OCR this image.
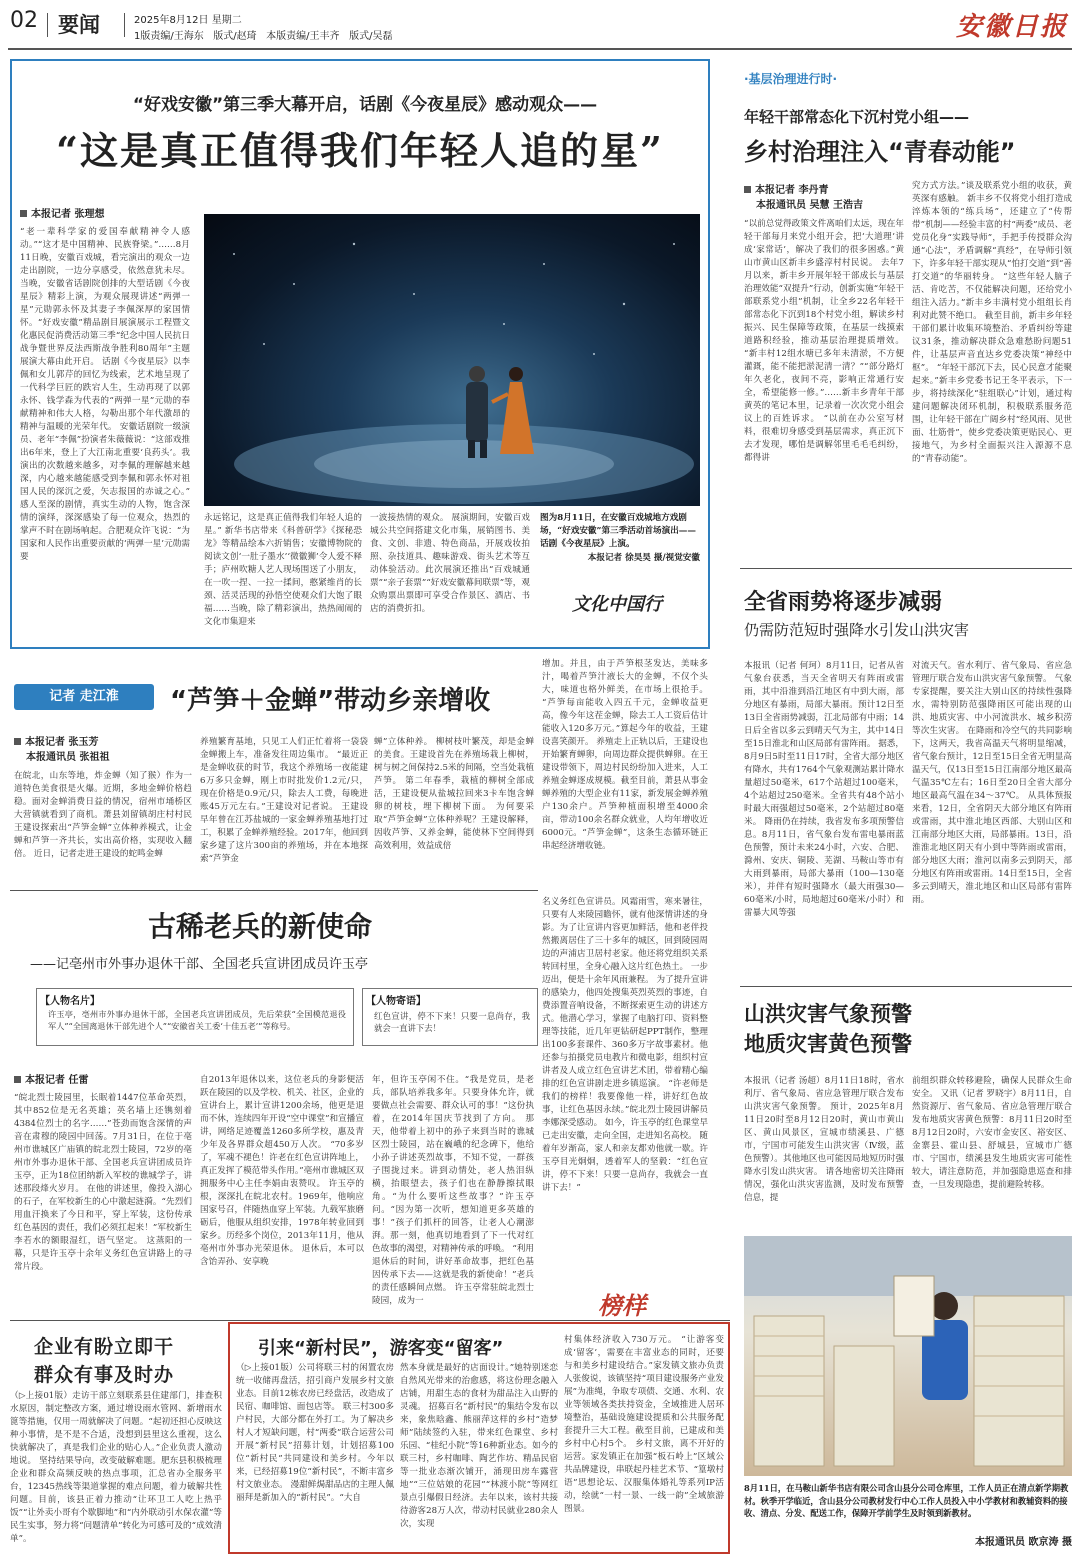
02 要闻	2025年8月12日 星期二
1版责编/王海东   版式/赵琦   本版责编/王丰齐   版式/吴磊	安徽日报
“好戏安徽”第三季大幕开启，话剧《今夜星辰》感动观众——
“这是真正值得我们年轻人追的星”
本报记者 张理想
“老一辈科学家的爱国奉献精神令人感动。”“这才是中国精神、民族脊梁。”……8月11日晚，安徽百戏城，看完演出的观众一边走出剧院，一边分享感受，依然意犹未尽。 当晚，安徽省话剧院创排的大型话剧《今夜星辰》精彩上演，为观众展现讲述“两弹一星”元勋郭永怀及其妻子李佩深厚的家国情怀。“好戏安徽”精品剧目展演展示工程暨文化惠民促消费活动第三季“纪念中国人民抗日战争暨世界反法西斯战争胜利80周年”主题展演大幕由此开启。 话剧《今夜星辰》以李佩和女儿郭芹的回忆为线索，艺术地呈现了一代科学巨匠的跌宕人生，生动再现了以郭永怀、钱学森为代表的“两弹一星”元勋的奉献精神和伟大人格，勾勒出那个年代激昂的精神与温暖的光荣年代。 安徽话剧院一级演员、老年“李佩”扮演者朱薇薇说：“这部戏推出6年来，登上了大江南北重要‘良药头’。我演出的次数越来越多，对李佩的理解越来越深，内心越来越能感受到李佩和郭永怀对祖国人民的深沉之爱，矢志报国的赤诚之心。” 感人至深的剧情，真实生动的人物，饱含深情的演绎，深深感染了每一位观众，热烈的掌声不时在剧场响起。合肥观众许飞说：“为国家和人民作出重要贡献的‘两弹一星’元勋需要
图为8月11日，在安徽百戏城地方戏剧场，“好戏安徽”第三季活动首场演出——话剧《今夜星辰》上演。
本报记者 徐昊昊 摄/视觉安徽
永远铭记，这是真正值得我们年轻人追的星。” 新华书店带来《科普研学》《探秘恐龙》等精品绘本六折销售；安徽博物院的阅读文创‘一肚子墨水’‘微徽狮’令人爱不释手；庐州吹糖人艺人现场围送了小朋友，在一吹一捏、一拉一揉间，憨紧维肖的长颈、活灵活现的孙悟空使观众们大饱了眼福……当晚，除了精彩演出，热热闹闹的文化市集迎来
一波接热情的观众。 展演期间，安徽百戏城公共空间搭建文化市集，展销图书、美食、文创、非遗、特色商品，开展戏妆拍照、杂技道具、趣味游戏、街头艺术等互动体验活动。此次展演还推出“百戏城通票”“亲子套票”“好戏安徽幕间联票”等，观众购票出票即可享受合作景区、酒店、书店的消费折扣。	文化中国行
·基层治理进行时·
年轻干部常态化下沉村党小组——
乡村治理注入“青春动能”
本报记者 李丹青
本报通讯员 吴慧 王浩吉
“以前总觉得政策文件离咱们太远，现在年轻干部每月来党小组开会，把‘大道理’讲成‘家常话’，解决了我们的很多困惑。”黄山市黄山区新丰乡盛淳村村民说。 去年7月以来，新丰乡开展年轻干部成长与基层治理效能“双提升”行动，创新实施“年轻干部联系党小组”机制，让全乡22名年轻干部常态化下沉到18个村党小组，解读乡村振兴、民生保障等政策，在基层一线摸索道路积经验，推动基层治理提质增效。 “新丰村12组水塘已多年未清淤，不方便灌溉，能不能把淤泥清一清？”“部分路灯年久老化，夜间不亮，影响正常通行安全，希望能修一修。”……新丰乡青年干部黄英的笔记本里，记录着一次次党小组会议上的百姓诉求。 “以前在办公室写材料，很难切身感受到基层需求，真正沉下去才发现，哪怕是调解邻里毛毛毛纠纷，都得讲
究方式方法。”谈及联系党小组的收获，黄英深有感触。 新丰乡不仅将党小组打造成淬炼本领的“练兵场”，还建立了“传帮带”机制——经验丰富的村“两委”成员、老党员化身“实践导师”，手把手传授群众沟通“心法”，矛盾调解“真经”，在导师引领下，许多年轻干部实现从“怕打交道”到“善打交道”的华丽转身。 “这些年轻人脑子活、肯吃苦，不仅能解决问题，还给党小组注入活力。”新丰乡丰满村党小组组长肖利对此赞不绝口。 截至目前，新丰乡年轻干部们累计收集环境整治、矛盾纠纷等建议31条，推动解决群众急难愁盼问题51件，让基层声音直达乡党委决策“神经中枢”。 “年轻干部沉下去，民心民意才能聚起来。”新丰乡党委书记王冬平表示，下一步，将持续深化“驻组联心”计划，通过构建问题解决闭环机制，积极联系服务范围，让年轻干部在广阔乡村“经风雨、见世面、壮筋骨”，使乡党委决策更贴民心、更接地气，为乡村全面振兴注入源源不息的“青春动能”。
全省雨势将逐步减弱
仍需防范短时强降水引发山洪灾害
本报讯（记者 何珂）8月11日，记者从省气象台获悉，当天全省明天有阵雨或雷雨，其中沿淮到沿江地区有中到大雨，部分地区有暴雨，局部大暴雨。预计12日至13日全省雨势减弱，江北局部有中雨；14日后全省以多云到晴天气为主，其中14日至15日淮北和山区局部有雷阵雨。 据悉，8月9日5时至11日17时，全省大部分地区有降水，共有1764个气象观测站累计降水量超过50毫米，617个站超过100毫米，4个站超过250毫米。全省共有48个站小时最大雨强超过50毫米，2个站超过80毫米。 降雨仍在持续，我省发布多项预警信息。8月11日，省气象台发布雷电暴雨蓝色预警，预计未来24小时，六安、合肥、滁州、安庆、铜陵、芜湖、马鞍山等市有大雨到暴雨，局部大暴雨（100—130毫米），并伴有短时强降水（最大雨强30—60毫米/小时，局地超过60毫米/小时）和雷暴大风等强
对流天气。省水利厅、省气象局、省应急管理厅联合发布山洪灾害气象预警。 气象专家提醒，要关注大别山区的持续性强降水，需特别防范强降雨区可能出现的山洪、地质灾害、中小河流洪水、城乡积涝等次生灾害。 在降雨和冷空气的共同影响下，这两天，我省高温天气将明显缩减，省气象台预计，12日至15日全省无明显高温天气，仅13日至15日江南部分地区最高气温35℃左右；16日至20日全省大部分地区最高气温在34～37℃。 从具体预报来看，12日，全省阴天大部分地区有阵雨或雷雨，其中淮北地区西部、大别山区和江南部分地区大雨，局部暴雨。13日，沿淮淮北地区阴天有小到中等阵雨或雷雨，部分地区大雨；淮河以南多云到阴天，部分地区有阵雨或雷雨。14日至15日，全省多云到晴天，淮北地区和山区局部有雷阵雨。
山洪灾害气象预警
地质灾害黄色预警
本报讯（记者 汤超）8月11日18时，省水利厅、省气象局、省应急管理厅联合发布山洪灾害气象预警。 预计，2025年8月11日20时至8月12日20时，黄山市黄山区、黄山风景区，宣城市绩溪县、广德市，宁国市可能发生山洪灾害（Ⅳ级，蓝色预警）。其他地区也可能因局地短历时强降水引发山洪灾害。 请各地密切关注降雨情况，强化山洪灾害监测，及时发布预警信息，提
前组织群众转移避险，确保人民群众生命安全。 又讯（记者 罗晓宇）8月11日，自然资源厅、省气象局、省应急管理厅联合发布地质灾害黄色预警：8月11日20时至8月12日20时，六安市金安区、裕安区、金寨县、霍山县、舒城县，宣城市广德市、宁国市，绩溪县发生地质灾害可能性较大，请注意防范，并加强隐患巡查和排查，一旦发现隐患，提前避险转移。
8月11日，在马鞍山新华书店有限公司含山县分公司仓库里，工作人员正在清点新学期教材。秋季开学临近，含山县分公司教材发行中心工作人员投入中小学教材和教辅资料的接收、清点、分发、配送工作，保障开学前学生及时领到新教材。
本报通讯员 欧京涛 摄
记者 走江淮	“芦笋＋金蝉”带动乡亲增收
本报记者 张玉芳
本报通讯员 张祖祖
在皖北，山东等地，炸金蝉（知了猴）作为一道特色美食很是火爆。近期，多地金蝉价格趋稳。面对金蝉消费日益的情况，宿州市埇桥区大营镇就看到了商机。萧县刘留镇胡庄村村民王建设探索出“芦笋金蝉”立体种养模式，让金蝉和芦笋一齐共长，实出高价格，实现收入翻倍。 近日，记者走进王建设的蛇鸣金蝉
养殖繁育基地，只见工人们正忙着将一袋袋金蝉搬上车，准备发往周边集市。 “最近正是金蝉收获的时节，我这个养殖场一夜能建6万多只金蝉，刚上市时批发价1.2元/只，现在价格是0.9元/只，除去人工费，每晚进账45万元左右。”王建设对记者说。 王建设早年曾在江苏盐城的一家金蝉养殖基地打过工，积累了金蝉养殖经验。2017年，他回到家乡建了这片300亩的养殖场，并在本地探索“芦笋金
蝉”立体种养。 柳树枝叶繁茂，却是金蝉的美食。王建设首先在养殖场栽上柳树，树与树之间保持2.5米的间隔，空当处栽植芦笋。 第二年春季，栽植的柳树全部成活，王建设便从盐城拉回来3卡车饱含蝉卵的树枝，埋下柳树下面。 为何要采取“芦笋金蝉”立体种养呢？王建设解释，因收芦笋、又养金蝉，能使林下空间得到高效利用，效益成倍
增加。并且，由于芦笋根茎发达，美味多汁，喝着芦笋汁液长大的金蝉，不仅个头大，味道也格外鲜美，在市场上很抢手。 “芦笋每亩能收入四五千元，金蝉收益更高，像今年这茬金蝉，除去工人工资后估计能收入120多万元。”算起今年的收益，王建设喜笑颜开。 养殖走上正轨以后，王建设也开始繁育蝉卵，向周边群众提供蝉卵。在王建设带领下，周边村民纷纷加入进来，人工养殖金蝉逐成规模。截至目前，萧县从事金蝉养殖的大型企业有11家，新发展金蝉养殖户130余户。芦笋种植面积增至4000余亩，带动100余名群众就业，人均年增收近6000元。“芦笋金蝉”，这条生态循环链正串起经济增收链。
古稀老兵的新使命
——记亳州市外事办退休干部、全国老兵宣讲团成员许玉亭
【人物名片】
许玉亭，亳州市外事办退休干部，全国老兵宣讲团成员，先后荣获“全国模范退役军人”“全国离退休干部先进个人”“安徽省关工委‘十佳五老’”等称号。
【人物寄语】
红色宣讲，停不下来！只要一息尚存，我就会一直讲下去！
本报记者 任雷
“皖北烈士陵园里，长眠着1447位革命英烈，其中852位是无名英雄；英名墙上还镌刻着4384位烈士的名字……”苍劲而饱含深情的声音在肃穆的陵园中回荡。7月31日，在位于亳州市谯城区广庙镇的皖北烈士陵园，72岁的亳州市外事办退休干部、全国老兵宣讲团成员许玉亭，正为18位团纳新入军校的谯城学子，讲述那段烽火岁月。 在他的讲述里，像投入湖心的石子，在军校新生的心中激起涟漪。“先烈们用血汗换来了今日和平，穿上军装，这份传承红色基因的责任，我们必须扛起来！”军校新生李若水的额眼湿红，语气坚定。 这蒸阳的一幕，只是许玉亭十余年义务红色宣讲路上的寻常片段。
自2013年退休以来，这位老兵的身影便活跃在陵园的以及学校、机关、社区，企业的宣讲台上，累计宣讲1200余场，他更是退而不休，连续四年开设“空中课堂”和宣播宣讲，网络足迹覆盖1260多所学校，惠及青少年及各界群众超450万人次。 “70多岁了，军魂不褪色！许老在红色宣讲阵地上，真正发挥了模范带头作用。”亳州市谯城区双拥服务中心主任李娟由衷赞叹。 许玉亭的根，深深扎在皖北农村。1969年，他响应国家号召，伴随热血穿上军装。九载军旅磨砺后，他服从组织安排，1978年转业回到家乡。历经多个岗位，2013年11月，他从亳州市外事办光荣退休。 退休后，本可以含饴弄孙、安享晚
年，但许玉亭闲不住。“我是党员，是老兵，部队培养我多年。只要身体允许，就要做点社会需要、群众认可的事！”这份执着，在2014年国庆节找到了方向。 那天，他带着上初中的孙子来到当时的谯城区烈士陵园，站在巍峨的纪念碑下，他给小孙子讲述英烈故事，不知不觉，一群孩子围拢过来。讲到动情处，老人热泪纵横，抬眼望去，孩子们也在静静擦拭眼角。“为什么要听这些故事？”许玉亭问。“因为第一次听，想知道更多英雄的事！”孩子们抓杆的回答，让老人心潮澎湃。那一刻，他真切地看到了下一代对红色故事的渴望，对精神传承的呼唤。 “利用退休后的时间，讲好革命故事，把红色基因传承下去——这就是我的新使命！”老兵的责任感瞬间点燃。 许玉亭常驻皖北烈士陵园，成为一
名义务红色宣讲员。风霜雨雪，寒来暑往，只要有人来陵园瞻怀，就有他深情讲述的身影。为了让宣讲内容更加鲜活，他和老伴投然搬离居住了三十多年的城区，回到陵园周边的声浦店卫居村老家。他还将党组织关系转回村里，全身心融入这片红色热土。 一步迈出，便是十余年风雨兼程。 为了提升宣讲的感染力，他四处搜集英烈英烈的事迹，自费添置音响设备，不断探索更生动的讲述方式。他潜心学习，掌握了电脑打印、资料整理等技能，近几年更钻研起PPT制作，整理出100多套课件、360多万字故事素材。他还参与拍摄党员电教片和微电影，组织村宣讲者及人成立红色宣讲艺术团，带着精心编排的红色宣讲剧走进乡镇巡演。 “许老师是我们的榜样！我要像他一样，讲好红色故事，让红色基因永续。”皖北烈士陵园讲解员李娜深受感动。 如今，许玉亭的红色课堂早已走出安徽，走向全国，走进知名高校。 随着年岁渐高，家人和亲友都劝他就一歇。许玉亭目光炯炯，透着军人的坚毅：“红色宣讲，停不下来！只要一息尚存，我就会一直讲下去！”
榜样
企业有盼立即干
群众有事及时办
（▷上接01版）走访干部立刻联系县住建部门，排查积水原因，制定整改方案，通过增设雨水管网、新增雨水篦等措施，仅用一周就解决了问题。“起初还担心反映这种小事情，是不是不合适，没想到县里这么重视，这么快就解决了，真是我们企业的贴心人。”企业负责人激动地说。 坚持结果导向，改变破解难题。肥东县积极梳理企业和群众高频反映的热点事项，汇总省办全服务平台，12345热线等渠道掌握的难点问题，着力破解共性问题。目前，该县正着力推动“让环卫工人吃上热乎饭”“让外卖小哥有个歇脚地”和“内外联动引水保农灌”等民生实事，努力将“问题清单”转化为可感可及的“成效清单”。
引来“新村民”，游客变“留客”
（▷上接01版）公司将联三村的闲置农房统一收储再盘活，招引商户发展乡村文旅业态。目前12栋农房已经盘活，改造成了民宿、咖啡馆、面包店等。 联三村300多户村民，大部分都在外打工。为了解决乡村人才短缺问题，村“两委”联合运营公司开展“新村民”招募计划，计划招募100位“新村民”共同建设和美乡村。今年以来，已经招募19位“新村民”，不断丰富乡村文旅业态。 漫甜鲜焗甜品店的主理人佩丽拜是新加入的“新村民”。“大自
然本身就是最好的店面设计。”她特别迷恋自然风光带来的治愈感，将这份理念融入店铺，用甜生态的食材为甜品注入山野的灵魂。 招募百名“新村民”的集结令发布以来，象焦晗鑫、熊丽萍这样的乡村“造梦师”陆续签约入驻，带来红色课堂、乡村乐园、“桂纪小院”等16种新业态。如今的联三村，乡村咖啡、陶艺作坊、精品民宿等一批业态渐次铺开，涌现田房车露营地”“三位姑娘的花园”“林渡小院”等网红景点引爆假日经济。去年以来，该村共接待游客28万人次，带动村民就业280余人次，实现
村集体经济收入730万元。 “让游客变成‘留客’，需要在丰富业态的同时，还要与和美乡村建设结合。”家发镇文旅办负责人张俊说，该镇坚持“项目建设服务产业发展”为准绳，争取专项债、交通、水利、农业等领域各类扶持资金，全域推进人居环境整治，基础设施建设提质和公共服务配套提升三大工程。截至目前，已建成和美乡村中心村5个。 乡村文旅，离不开好的运营。家发镇正在加强“板石岭上”区域公共品牌建设，串联起丹桂艺术节、“篁墩村语”思想论坛、汉服集体婚礼等系列IP活动，绘就“一村一景、一线一韵”全域旅游图景。
